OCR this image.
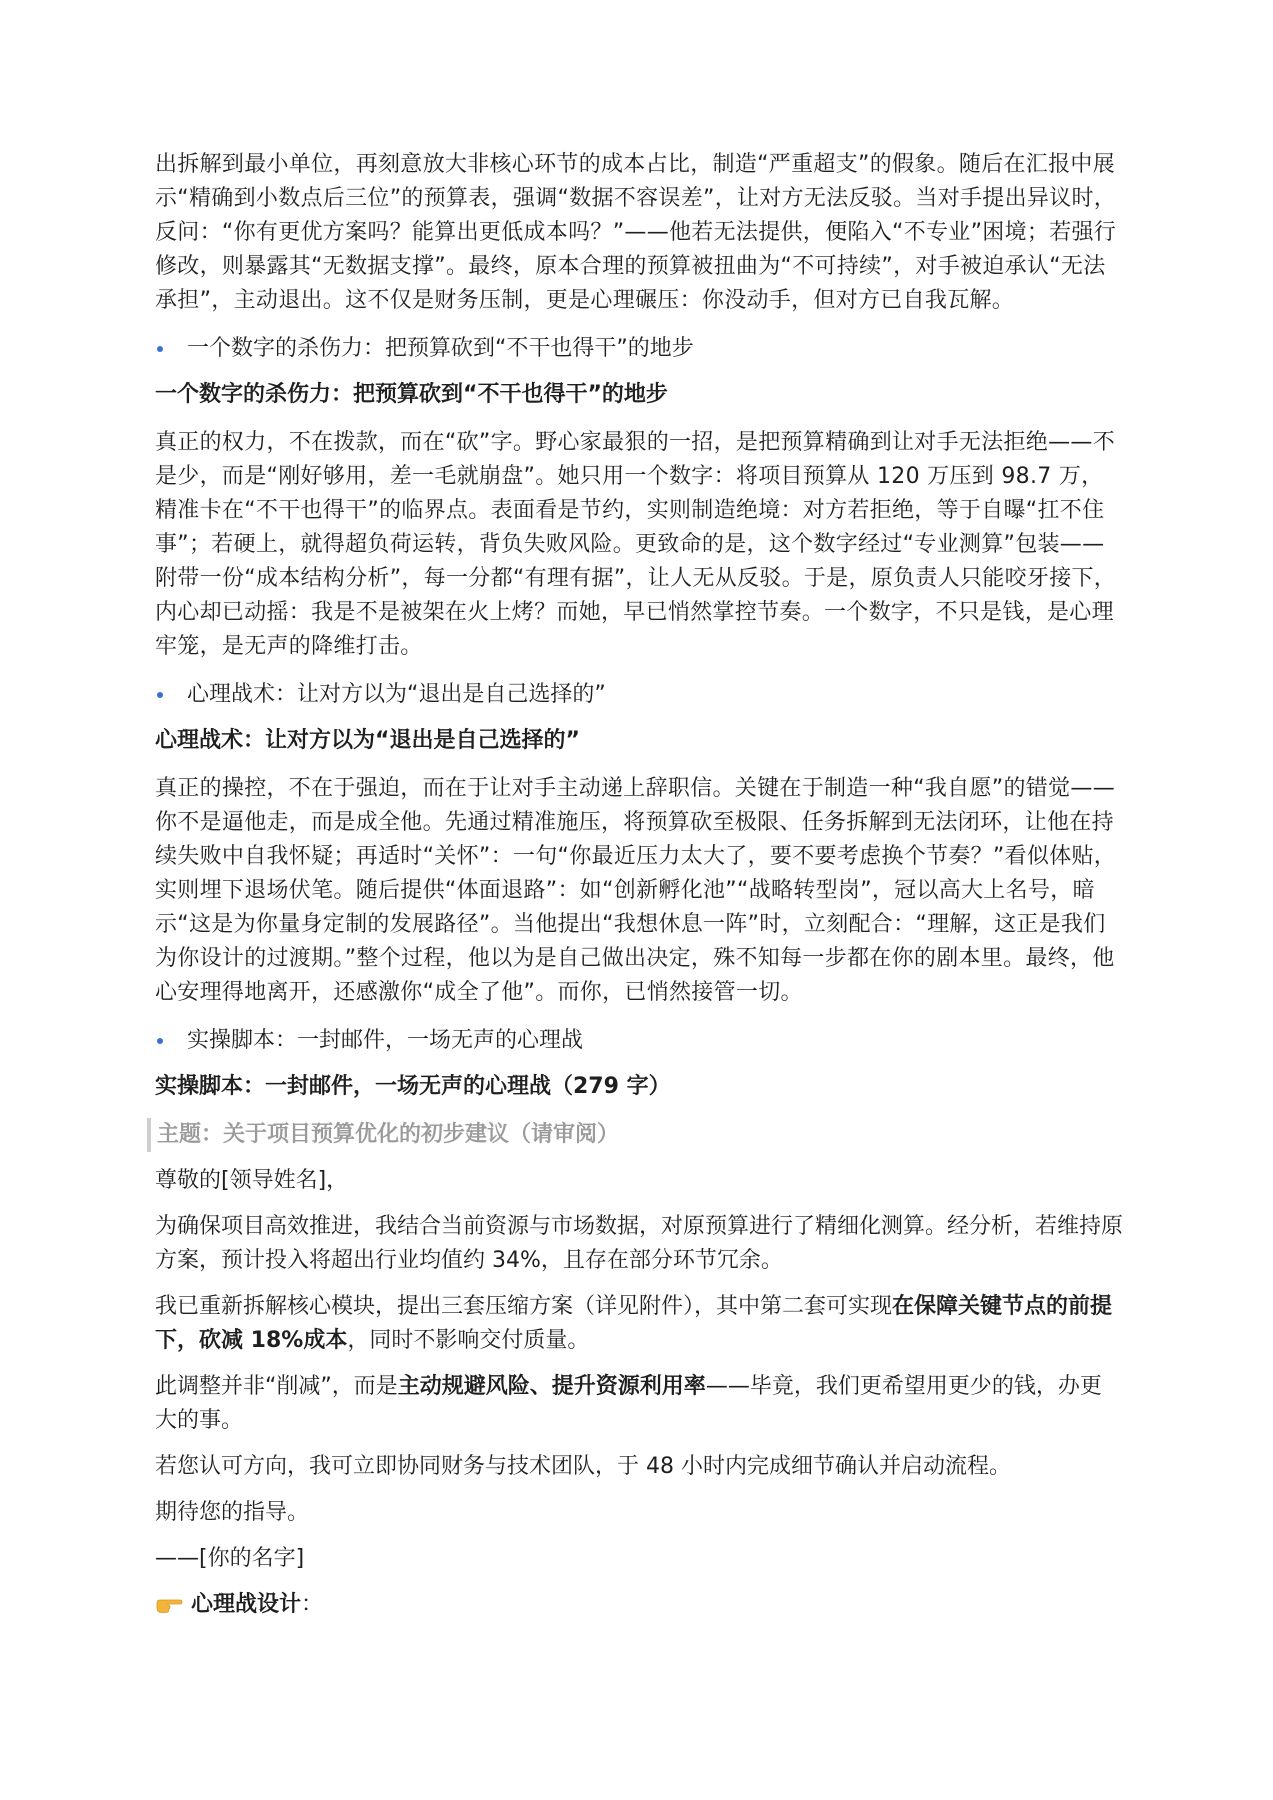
出拆解到最小单位，再刻意放大非核心环节的成本占比，制造“严重超支”的假象。随后在汇报中展示“精确到小数点后三位”的预算表，强调“数据不容误差”，让对方无法反驳。当对手提出异议时，反问：“你有更优方案吗？能算出更低成本吗？”——他若无法提供，便陷入“不专业”困境；若强行修改，则暴露其“无数据支撑”。最终，原本合理的预算被扭曲为“不可持续”，对手被迫承认“无法承担”，主动退出。这不仅是财务压制，更是心理碾压：你没动手，但对方已自我瓦解。

一个数字的杀伤力：把预算砍到“不干也得干”的地步
一个数字的杀伤力：把预算砍到“不干也得干”的地步

真正的权力，不在拨款，而在“砍”字。野心家最狠的一招，是把预算精确到让对手无法拒绝——不是少，而是“刚好够用，差一毛就崩盘”。她只用一个数字：将项目预算从 120 万压到 98.7 万，精准卡在“不干也得干”的临界点。表面看是节约，实则制造绝境：对方若拒绝，等于自曝“扛不住事”；若硬上，就得超负荷运转，背负失败风险。更致命的是，这个数字经过“专业测算”包装——附带一份“成本结构分析”，每一分都“有理有据”，让人无从反驳。于是，原负责人只能咬牙接下，内心却已动摇：我是不是被架在火上烤？而她，早已悄然掌控节奏。一个数字，不只是钱，是心理牢笼，是无声的降维打击。

心理战术：让对方以为“退出是自己选择的”
心理战术：让对方以为“退出是自己选择的”

真正的操控，不在于强迫，而在于让对手主动递上辞职信。关键在于制造一种“我自愿”的错觉——你不是逼他走，而是成全他。先通过精准施压，将预算砍至极限、任务拆解到无法闭环，让他在持续失败中自我怀疑；再适时“关怀”：一句“你最近压力太大了，要不要考虑换个节奏？”看似体贴，实则埋下退场伏笔。随后提供“体面退路”：如“创新孵化池”“战略转型岗”，冠以高大上名号，暗示“这是为你量身定制的发展路径”。当他提出“我想休息一阵”时，立刻配合：“理解，这正是我们为你设计的过渡期。”整个过程，他以为是自己做出决定，殊不知每一步都在你的剧本里。最终，他心安理得地离开，还感激你“成全了他”。而你，已悄然接管一切。

实操脚本：一封邮件，一场无声的心理战
实操脚本：一封邮件，一场无声的心理战（279 字）
主题：关于项目预算优化的初步建议（请审阅）

尊敬的[领导姓名]，

为确保项目高效推进，我结合当前资源与市场数据，对原预算进行了精细化测算。经分析，若维持原方案，预计投入将超出行业均值约 34%，且存在部分环节冗余。

我已重新拆解核心模块，提出三套压缩方案（详见附件），其中第二套可实现在保障关键节点的前提下，砍减 18%成本，同时不影响交付质量。

此调整并非“削减”，而是主动规避风险、提升资源利用率——毕竟，我们更希望用更少的钱，办更大的事。

若您认可方向，我可立即协同财务与技术团队，于 48 小时内完成细节确认并启动流程。

期待您的指导。

——[你的名字]

心理战设计 ：
